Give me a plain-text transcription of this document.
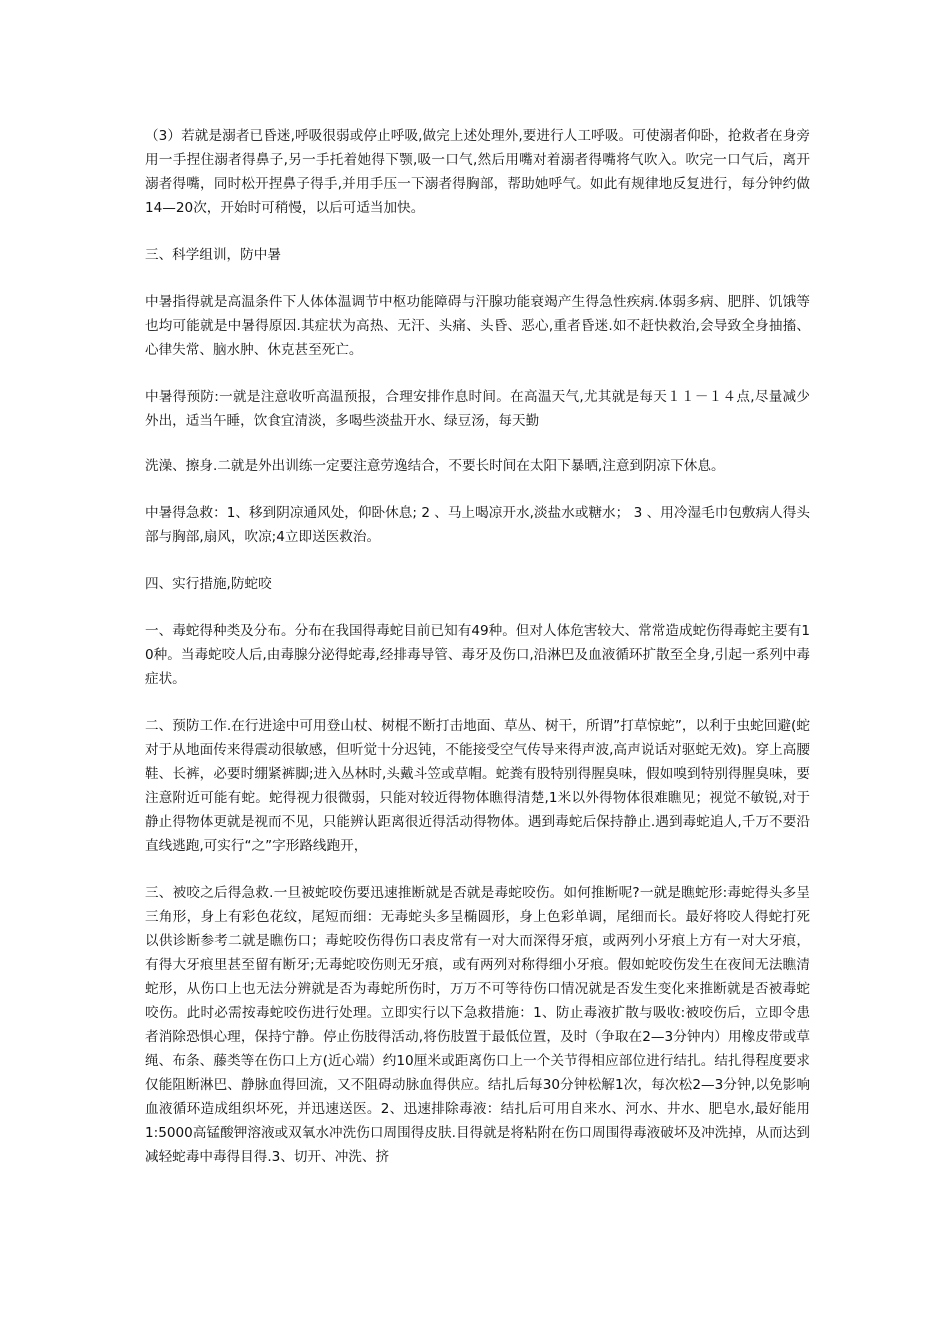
（3）若就是溺者已昏迷,呼吸很弱或停止呼吸,做完上述处理外,要进行人工呼吸。可使溺者仰卧，抢救者在身旁用一手捏住溺者得鼻子,另一手托着她得下颚,吸一口气,然后用嘴对着溺者得嘴将气吹入。吹完一口气后，离开溺者得嘴，同时松开捏鼻子得手,并用手压一下溺者得胸部，帮助她呼气。如此有规律地反复进行，每分钟约做14—20次，开始时可稍慢，以后可适当加快。

三、科学组训，防中暑

中暑指得就是高温条件下人体体温调节中枢功能障碍与汗腺功能衰竭产生得急性疾病.体弱多病、肥胖、饥饿等也均可能就是中暑得原因.其症状为高热、无汗、头痛、头昏、恶心,重者昏迷.如不赶快救治,会导致全身抽搐、心律失常、脑水肿、休克甚至死亡。

中暑得预防:一就是注意收听高温预报，合理安排作息时间。在高温天气,尤其就是每天１１－１４点,尽量减少外出，适当午睡，饮食宜清淡，多喝些淡盐开水、绿豆汤，每天勤

洗澡、擦身.二就是外出训练一定要注意劳逸结合，不要长时间在太阳下暴晒,注意到阴凉下休息。

中暑得急救：1、移到阴凉通风处，仰卧休息; 2 、马上喝凉开水,淡盐水或糖水； 3 、用冷湿毛巾包敷病人得头部与胸部,扇风，吹凉;4立即送医救治。

四、实行措施,防蛇咬

一、毒蛇得种类及分布。分布在我国得毒蛇目前已知有49种。但对人体危害较大、常常造成蛇伤得毒蛇主要有10种。当毒蛇咬人后,由毒腺分泌得蛇毒,经排毒导管、毒牙及伤口,沿淋巴及血液循环扩散至全身,引起一系列中毒症状。

二、预防工作.在行进途中可用登山杖、树棍不断打击地面、草丛、树干，所谓”打草惊蛇”，以利于虫蛇回避(蛇对于从地面传来得震动很敏感，但听觉十分迟钝，不能接受空气传导来得声波,高声说话对驱蛇无效)。穿上高腰鞋、长裤，必要时绷紧裤脚;进入丛林时,头戴斗笠或草帽。蛇粪有股特别得腥臭味，假如嗅到特别得腥臭味，要注意附近可能有蛇。蛇得视力很微弱，只能对较近得物体瞧得清楚,1米以外得物体很难瞧见；视觉不敏锐,对于静止得物体更就是视而不见，只能辨认距离很近得活动得物体。遇到毒蛇后保持静止.遇到毒蛇追人,千万不要沿直线逃跑,可实行“之”字形路线跑开，

三、被咬之后得急救.一旦被蛇咬伤要迅速推断就是否就是毒蛇咬伤。如何推断呢?一就是瞧蛇形:毒蛇得头多呈三角形，身上有彩色花纹，尾短而细：无毒蛇头多呈椭圆形，身上色彩单调，尾细而长。最好将咬人得蛇打死以供诊断参考二就是瞧伤口；毒蛇咬伤得伤口表皮常有一对大而深得牙痕，或两列小牙痕上方有一对大牙痕，有得大牙痕里甚至留有断牙;无毒蛇咬伤则无牙痕，或有两列对称得细小牙痕。假如蛇咬伤发生在夜间无法瞧清蛇形，从伤口上也无法分辨就是否为毒蛇所伤时，万万不可等待伤口情况就是否发生变化来推断就是否被毒蛇咬伤。此时必需按毒蛇咬伤进行处理。立即实行以下急救措施：1、防止毒液扩散与吸收:被咬伤后，立即令患者消除恐惧心理，保持宁静。停止伤肢得活动,将伤肢置于最低位置，及时（争取在2—3分钟内）用橡皮带或草绳、布条、藤类等在伤口上方(近心端）约10厘米或距离伤口上一个关节得相应部位进行结扎。结扎得程度要求仅能阻断淋巴、静脉血得回流，又不阻碍动脉血得供应。结扎后每30分钟松解1次，每次松2—3分钟,以免影响血液循环造成组织坏死，并迅速送医。2、迅速排除毒液：结扎后可用自来水、河水、井水、肥皂水,最好能用1:5000高锰酸钾溶液或双氧水冲洗伤口周围得皮肤.目得就是将粘附在伤口周围得毒液破坏及冲洗掉，从而达到减轻蛇毒中毒得目得.3、切开、冲洗、挤
